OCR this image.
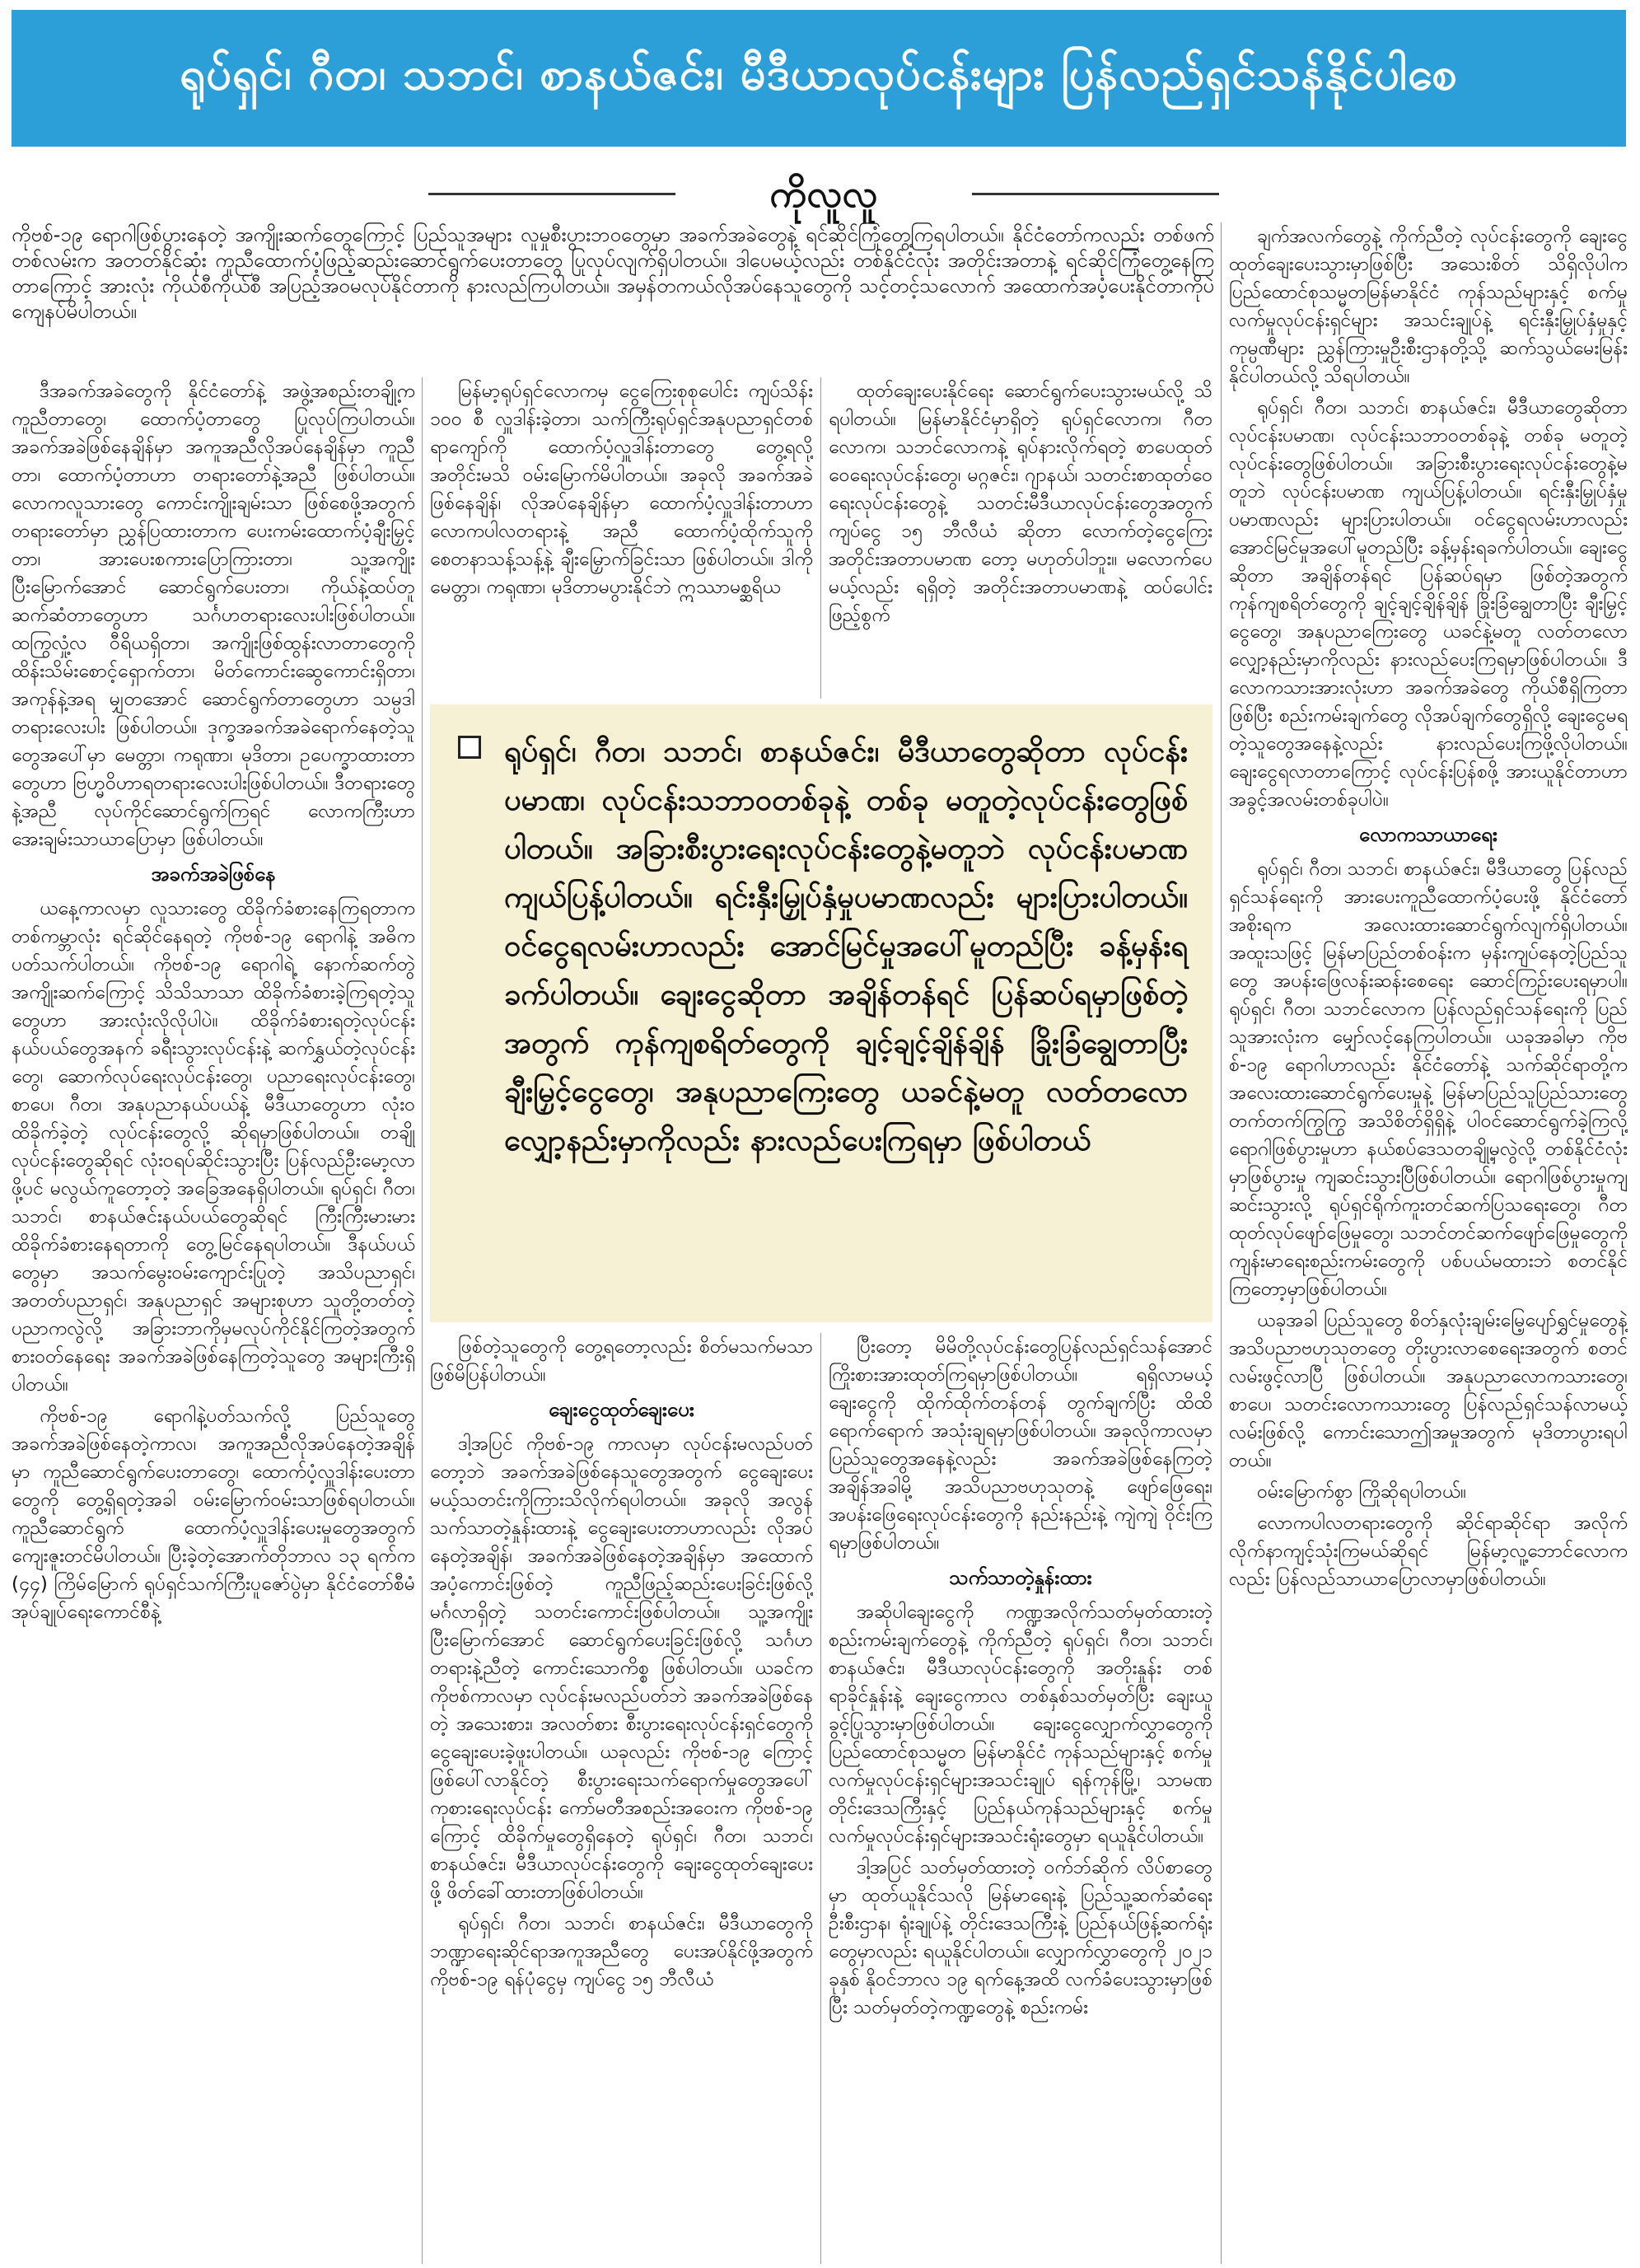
ရုပ်ရှင်၊ ဂီတ၊ သဘင်၊ စာနယ်ဇင်း၊ မီဒီယာလုပ်ငန်းများ ပြန်လည်ရှင်သန်နိုင်ပါစေ
ကိုလူလူ

ကိုဗစ်-၁၉ ရောဂါဖြစ်ပွားနေတဲ့ အကျိုးဆက်တွေကြောင့် ပြည်သူအများ လူမှုစီးပွားဘဝတွေမှာ အခက်အခဲတွေနဲ့ ရင်ဆိုင်ကြုံတွေ့ကြရပါတယ်။ နိုင်ငံတော်ကလည်း တစ်ဖက်တစ်လမ်းက အတတ်နိုင်ဆုံး ကူညီထောက်ပံ့ဖြည့်ဆည်းဆောင်ရွက်ပေးတာတွေ ပြုလုပ်လျက်ရှိပါတယ်။ ဒါပေမယ့်လည်း တစ်နိုင်ငံလုံး အတိုင်းအတာနဲ့ ရင်ဆိုင်ကြုံတွေ့နေကြတာကြောင့် အားလုံး ကိုယ်စီကိုယ်စီ အပြည့်အဝမလုပ်နိုင်တာကို နားလည်ကြပါတယ်။ အမှန်တကယ်လိုအပ်နေသူတွေကို သင့်တင့်သလောက် အထောက်အပံ့ပေးနိုင်တာကိုပဲ ကျေနပ်မိပါတယ်။

ဒီအခက်အခဲတွေကို နိုင်ငံတော်နဲ့ အဖွဲ့အစည်းတချို့က ကူညီတာတွေ၊ ထောက်ပံ့တာတွေ ပြုလုပ်ကြပါတယ်။ အခက်အခဲဖြစ်နေချိန်မှာ အကူအညီလိုအပ်နေချိန်မှာ ကူညီတာ၊ ထောက်ပံ့တာဟာ တရားတော်နဲ့အညီ ဖြစ်ပါတယ်။ လောကလူသားတွေ ကောင်းကျိုးချမ်းသာ ဖြစ်စေဖို့အတွက် တရားတော်မှာ ညွှန်ပြထားတာက ပေးကမ်းထောက်ပံ့ချီးမြှင့်တာ၊ အားပေးစကားပြောကြားတာ၊ သူ့အကျိုးပြီးမြောက်အောင် ဆောင်ရွက်ပေးတာ၊ ကိုယ်နဲ့ထပ်တူဆက်ဆံတာတွေဟာ သင်္ဂဟတရားလေးပါးဖြစ်ပါတယ်။ ထကြွလှုံ့လ ဝီရိယရှိတာ၊ အကျိုးဖြစ်ထွန်းလာတာတွေကို ထိန်းသိမ်းစောင့်ရှောက်တာ၊ မိတ်ကောင်းဆွေကောင်းရှိတာ၊ အကုန်နဲ့အရ မျှတအောင် ဆောင်ရွက်တာတွေဟာ သမ္ပဒါတရားလေးပါး ဖြစ်ပါတယ်။ ဒုက္ခအခက်အခဲရောက်နေတဲ့သူတွေအပေါ်မှာ မေတ္တာ၊ ကရုဏာ၊ မုဒိတာ၊ ဥပေက္ခာထားတာတွေဟာ ဗြဟ္မဝိဟာရတရားလေးပါးဖြစ်ပါတယ်။ ဒီတရားတွေနဲ့အညီ လုပ်ကိုင်ဆောင်ရွက်ကြရင် လောကကြီးဟာ အေးချမ်းသာယာပြောမှာ ဖြစ်ပါတယ်။

အခက်အခဲဖြစ်နေ

ယနေ့ကာလမှာ လူသားတွေ ထိခိုက်ခံစားနေကြရတာက တစ်ကမ္ဘာလုံး ရင်ဆိုင်နေရတဲ့ ကိုဗစ်-၁၉ ရောဂါနဲ့ အဓိကပတ်သက်ပါတယ်။ ကိုဗစ်-၁၉ ရောဂါရဲ့ နောက်ဆက်တွဲအကျိုးဆက်ကြောင့် သိသိသာသာ ထိခိုက်ခံစားခဲ့ကြရတဲ့သူတွေဟာ အားလုံးလိုလိုပါပဲ။ ထိခိုက်ခံစားရတဲ့လုပ်ငန်းနယ်ပယ်တွေအနက် ခရီးသွားလုပ်ငန်းနဲ့ ဆက်နွှယ်တဲ့လုပ်ငန်းတွေ၊ ဆောက်လုပ်ရေးလုပ်ငန်းတွေ၊ ပညာရေးလုပ်ငန်းတွေ၊ စာပေ၊ ဂီတ၊ အနုပညာနယ်ပယ်နဲ့ မီဒီယာတွေဟာ လုံးဝထိခိုက်ခဲ့တဲ့ လုပ်ငန်းတွေလို့ ဆိုရမှာဖြစ်ပါတယ်။ တချို့လုပ်ငန်းတွေဆိုရင် လုံးဝရပ်ဆိုင်းသွားပြီး ပြန်လည်ဦးမော့လာဖို့ပင် မလွယ်ကူတော့တဲ့ အခြေအနေရှိပါတယ်။ ရုပ်ရှင်၊ ဂီတ၊ သဘင်၊ စာနယ်ဇင်းနယ်ပယ်တွေဆိုရင် ကြီးကြီးမားမား ထိခိုက်ခံစားနေရတာကို တွေ့မြင်နေရပါတယ်။ ဒီနယ်ပယ်တွေမှာ အသက်မွေးဝမ်းကျောင်းပြုတဲ့ အသိပညာရှင်၊ အတတ်ပညာရှင်၊ အနုပညာရှင် အများစုဟာ သူတို့တတ်တဲ့ ပညာကလွဲလို့ အခြားဘာကိုမှမလုပ်ကိုင်နိုင်ကြတဲ့အတွက် စားဝတ်နေရေး အခက်အခဲဖြစ်နေကြတဲ့သူတွေ အများကြီးရှိပါတယ်။

ကိုဗစ်-၁၉ ရောဂါနဲ့ပတ်သက်လို့ ပြည်သူတွေ အခက်အခဲဖြစ်နေတဲ့ကာလ၊ အကူအညီလိုအပ်နေတဲ့အချိန်မှာ ကူညီဆောင်ရွက်ပေးတာတွေ၊ ထောက်ပံ့လှူဒါန်းပေးတာတွေကို တွေ့ရှိရတဲ့အခါ ဝမ်းမြောက်ဝမ်းသာဖြစ်ရပါတယ်။ ကူညီဆောင်ရွက် ထောက်ပံ့လှူဒါန်းပေးမှုတွေအတွက် ကျေးဇူးတင်မိပါတယ်။ ပြီးခဲ့တဲ့အောက်တိုဘာလ ၁၃ ရက်က (၄၄) ကြိမ်မြောက် ရုပ်ရှင်သက်ကြီးပူဇော်ပွဲမှာ နိုင်ငံတော်စီမံအုပ်ချုပ်ရေးကောင်စီနဲ့

မြန်မာ့ရုပ်ရှင်လောကမှ ငွေကြေးစုစုပေါင်း ကျပ်သိန်း ၁၀၀ စီ လှူဒါန်းခဲ့တာ၊ သက်ကြီးရုပ်ရှင်အနုပညာရှင်တစ်ရာကျော်ကို ထောက်ပံ့လှူဒါန်းတာတွေ တွေ့ရလို့ အတိုင်းမသိ ဝမ်းမြောက်မိပါတယ်။ အခုလို အခက်အခဲဖြစ်နေချိန်၊ လိုအပ်နေချိန်မှာ ထောက်ပံ့လှူဒါန်းတာဟာ လောကပါလတရားနဲ့ အညီ ထောက်ပံ့ထိုက်သူကို စေတနာသန့်သန့်နဲ့ ချီးမြှောက်ခြင်းသာ ဖြစ်ပါတယ်။ ဒါကို မေတ္တာ၊ ကရုဏာ၊ မုဒိတာမပွားနိုင်ဘဲ ဣဿာမစ္ဆရိယ

ထုတ်ချေးပေးနိုင်ရေး ဆောင်ရွက်ပေးသွားမယ်လို့ သိရပါတယ်။ မြန်မာနိုင်ငံမှာရှိတဲ့ ရုပ်ရှင်လောက၊ ဂီတလောက၊ သဘင်လောကနဲ့ ရုပ်နားလိုက်ရတဲ့ စာပေထုတ်ဝေရေးလုပ်ငန်းတွေ၊ မဂ္ဂဇင်း၊ ဂျာနယ်၊ သတင်းစာထုတ်ဝေရေးလုပ်ငန်းတွေနဲ့ သတင်းမီဒီယာလုပ်ငန်းတွေအတွက် ကျပ်ငွေ ၁၅ ဘီလီယံ ဆိုတာ လောက်တဲ့ငွေကြေးအတိုင်းအတာပမာဏ တော့ မဟုတ်ပါဘူး။ မလောက်ပေမယ့်လည်း ရရှိတဲ့ အတိုင်းအတာပမာဏနဲ့ ထပ်ပေါင်းဖြည့်စွက်

ရုပ်ရှင်၊ ဂီတ၊ သဘင်၊ စာနယ်ဇင်း၊ မီဒီယာတွေဆိုတာ လုပ်ငန်းပမာဏ၊ လုပ်ငန်းသဘာဝတစ်ခုနဲ့ တစ်ခု မတူတဲ့လုပ်ငန်းတွေဖြစ်ပါတယ်။ အခြားစီးပွားရေးလုပ်ငန်းတွေနဲ့မတူဘဲ လုပ်ငန်းပမာဏ ကျယ်ပြန့်ပါတယ်။ ရင်းနှီးမြှုပ်နှံမှုပမာဏလည်း များပြားပါတယ်။ ဝင်ငွေရလမ်းဟာလည်း အောင်မြင်မှုအပေါ်မူတည်ပြီး ခန့်မှန်းရခက်ပါတယ်။ ချေးငွေဆိုတာ အချိန်တန်ရင် ပြန်ဆပ်ရမှာဖြစ်တဲ့အတွက် ကုန်ကျစရိတ်တွေကို ချင့်ချင့်ချိန်ချိန် ခြိုးခြံချွေတာပြီး ချီးမြှင့်ငွေတွေ၊ အနုပညာကြေးတွေ ယခင်နဲ့မတူ လတ်တလောလျှော့နည်းမှာကိုလည်း နားလည်ပေးကြရမှာ ဖြစ်ပါတယ်

ဖြစ်တဲ့သူတွေကို တွေ့ရတော့လည်း စိတ်မသက်မသာ ဖြစ်မိပြန်ပါတယ်။

ချေးငွေထုတ်ချေးပေး

ဒါ့အပြင် ကိုဗစ်-၁၉ ကာလမှာ လုပ်ငန်းမလည်ပတ်တော့ဘဲ အခက်အခဲဖြစ်နေသူတွေအတွက် ငွေချေးပေးမယ့်သတင်းကိုကြားသိလိုက်ရပါတယ်။ အခုလို အလွန်သက်သာတဲ့နှုန်းထားနဲ့ ငွေချေးပေးတာဟာလည်း လိုအပ်နေတဲ့အချိန်၊ အခက်အခဲဖြစ်နေတဲ့အချိန်မှာ အထောက်အပံ့ကောင်းဖြစ်တဲ့ ကူညီဖြည့်ဆည်းပေးခြင်းဖြစ်လို့ မင်္ဂလာရှိတဲ့ သတင်းကောင်းဖြစ်ပါတယ်။ သူ့အကျိုးပြီးမြောက်အောင် ဆောင်ရွက်ပေးခြင်းဖြစ်လို့ သင်္ဂဟတရားနဲ့ညီတဲ့ ကောင်းသောကိစ္စ ဖြစ်ပါတယ်။ ယခင်က ကိုဗစ်ကာလမှာ လုပ်ငန်းမလည်ပတ်ဘဲ အခက်အခဲဖြစ်နေတဲ့ အသေးစား၊ အလတ်စား စီးပွားရေးလုပ်ငန်းရှင်တွေကို ငွေချေးပေးခဲ့ဖူးပါတယ်။ ယခုလည်း ကိုဗစ်-၁၉ ကြောင့် ဖြစ်ပေါ်လာနိုင်တဲ့ စီးပွားရေးသက်ရောက်မှုတွေအပေါ် ကုစားရေးလုပ်ငန်း ကော်မတီအစည်းအဝေးက ကိုဗစ်-၁၉ ကြောင့် ထိခိုက်မှုတွေရှိနေတဲ့ ရုပ်ရှင်၊ ဂီတ၊ သဘင်၊ စာနယ်ဇင်း၊ မီဒီယာလုပ်ငန်းတွေကို ချေးငွေထုတ်ချေးပေးဖို့ ဖိတ်ခေါ်ထားတာဖြစ်ပါတယ်။

ရုပ်ရှင်၊ ဂီတ၊ သဘင်၊ စာနယ်ဇင်း၊ မီဒီယာတွေကိုဘဏ္ဍာရေးဆိုင်ရာအကူအညီတွေ ပေးအပ်နိုင်ဖို့အတွက် ကိုဗစ်-၁၉ ရန်ပုံငွေမှ ကျပ်ငွေ ၁၅ ဘီလီယံ

ပြီးတော့ မိမိတို့လုပ်ငန်းတွေပြန်လည်ရှင်သန်အောင် ကြိုးစားအားထုတ်ကြရမှာဖြစ်ပါတယ်။ ရရှိလာမယ့် ချေးငွေကို ထိုက်ထိုက်တန်တန် တွက်ချက်ပြီး ထိထိရောက်ရောက် အသုံးချရမှာဖြစ်ပါတယ်။ အခုလိုကာလမှာ ပြည်သူတွေအနေနဲ့လည်း အခက်အခဲဖြစ်နေကြတဲ့အချိန်အခါမို့ အသိပညာဗဟုသုတနဲ့ ဖျော်ဖြေရေး၊ အပန်းဖြေရေးလုပ်ငန်းတွေကို နည်းနည်းနဲ့ ကျဲကျဲ ဝိုင်းကြရမှာဖြစ်ပါတယ်။

သက်သာတဲ့နှုန်းထား

အဆိုပါချေးငွေကို ကဏ္ဍအလိုက်သတ်မှတ်ထားတဲ့စည်းကမ်းချက်တွေနဲ့ ကိုက်ညီတဲ့ ရုပ်ရှင်၊ ဂီတ၊ သဘင်၊ စာနယ်ဇင်း၊ မီဒီယာလုပ်ငန်းတွေကို အတိုးနှုန်း တစ်ရာခိုင်နှုန်းနဲ့ ချေးငွေကာလ တစ်နှစ်သတ်မှတ်ပြီး ချေးယူခွင့်ပြုသွားမှာဖြစ်ပါတယ်။ ချေးငွေလျှောက်လွှာတွေကို ပြည်ထောင်စုသမ္မတ မြန်မာနိုင်ငံ ကုန်သည်များနှင့် စက်မှုလက်မှုလုပ်ငန်းရှင်များအသင်းချုပ် ရန်ကုန်မြို့၊ သာမဏ တိုင်းဒေသကြီးနှင့် ပြည်နယ်ကုန်သည်များနှင့် စက်မှုလက်မှုလုပ်ငန်းရှင်များအသင်းရုံးတွေမှာ ရယူနိုင်ပါတယ်။

ဒါ့အပြင် သတ်မှတ်ထားတဲ့ ဝက်ဘ်ဆိုက် လိပ်စာတွေမှာ ထုတ်ယူနိုင်သလို မြန်မာရေးနဲ့ ပြည်သူ့ဆက်ဆံရေးဦးစီးဌာန၊ ရုံးချုပ်နဲ့ တိုင်းဒေသကြီးနဲ့ ပြည်နယ်ဖြန့်ဆက်ရုံးတွေမှာလည်း ရယူနိုင်ပါတယ်။ လျှောက်လွှာတွေကို ၂၀၂၁ ခုနှစ် နိုဝင်ဘာလ ၁၉ ရက်နေ့အထိ လက်ခံပေးသွားမှာဖြစ်ပြီး သတ်မှတ်တဲ့ကဏ္ဍတွေနဲ့ စည်းကမ်း

ချက်အလက်တွေနဲ့ ကိုက်ညီတဲ့ လုပ်ငန်းတွေကို ချေးငွေထုတ်ချေးပေးသွားမှာဖြစ်ပြီး အသေးစိတ် သိရှိလိုပါက ပြည်ထောင်စုသမ္မတမြန်မာနိုင်ငံ ကုန်သည်များနှင့် စက်မှုလက်မှုလုပ်ငန်းရှင်များ အသင်းချုပ်နဲ့ ရင်းနှီးမြှုပ်နှံမှုနှင့် ကုမ္ပဏီများ ညွှန်ကြားမှုဦးစီးဌာနတို့သို့ ဆက်သွယ်မေးမြန်းနိုင်ပါတယ်လို့ သိရပါတယ်။

ရုပ်ရှင်၊ ဂီတ၊ သဘင်၊ စာနယ်ဇင်း၊ မီဒီယာတွေဆိုတာ လုပ်ငန်းပမာဏ၊ လုပ်ငန်းသဘာဝတစ်ခုနဲ့ တစ်ခု မတူတဲ့လုပ်ငန်းတွေဖြစ်ပါတယ်။ အခြားစီးပွားရေးလုပ်ငန်းတွေနဲ့မတူဘဲ လုပ်ငန်းပမာဏ ကျယ်ပြန့်ပါတယ်။ ရင်းနှီးမြှုပ်နှံမှုပမာဏလည်း များပြားပါတယ်။ ဝင်ငွေရလမ်းဟာလည်း အောင်မြင်မှုအပေါ်မူတည်ပြီး ခန့်မှန်းရခက်ပါတယ်။ ချေးငွေဆိုတာ အချိန်တန်ရင် ပြန်ဆပ်ရမှာ ဖြစ်တဲ့အတွက် ကုန်ကျစရိတ်တွေကို ချင့်ချင့်ချိန်ချိန် ခြိုးခြံချွေတာပြီး ချီးမြှင့်ငွေတွေ၊ အနုပညာကြေးတွေ ယခင်နဲ့မတူ လတ်တလောလျှော့နည်းမှာကိုလည်း နားလည်ပေးကြရမှာဖြစ်ပါတယ်။ ဒီလောကသားအားလုံးဟာ အခက်အခဲတွေ ကိုယ်စီရှိကြတာဖြစ်ပြီး စည်းကမ်းချက်တွေ လိုအပ်ချက်တွေရှိလို့ ချေးငွေမရတဲ့သူတွေအနေနဲ့လည်း နားလည်ပေးကြဖို့လိုပါတယ်။ ချေးငွေရလာတာကြောင့် လုပ်ငန်းပြန်စဖို့ အားယူနိုင်တာဟာ အခွင့်အလမ်းတစ်ခုပါပဲ။

လောကသာယာရေး

ရုပ်ရှင်၊ ဂီတ၊ သဘင်၊ စာနယ်ဇင်း၊ မီဒီယာတွေ ပြန်လည်ရှင်သန်ရေးကို အားပေးကူညီထောက်ပံ့ပေးဖို့ နိုင်ငံတော်အစိုးရက အလေးထားဆောင်ရွက်လျက်ရှိပါတယ်။ အထူးသဖြင့် မြန်မာပြည်တစ်ဝန်းက မှန်းကျပ်နေတဲ့ပြည်သူတွေ အပန်းဖြေလန်းဆန်းစေရေး ဆောင်ကြဉ်းပေးရမှာပါ။ ရုပ်ရှင်၊ ဂီတ၊ သဘင်လောက ပြန်လည်ရှင်သန်ရေးကို ပြည်သူအားလုံးက မျှော်လင့်နေကြပါတယ်။ ယခုအခါမှာ ကိုဗစ်-၁၉ ရောဂါဟာလည်း နိုင်ငံတော်နဲ့ သက်ဆိုင်ရာတို့က အလေးထားဆောင်ရွက်ပေးမှုနဲ့ မြန်မာပြည်သူပြည်သားတွေ တက်တက်ကြွကြွ အသိစိတ်ရှိရှိနဲ့ ပါဝင်ဆောင်ရွက်ခဲ့ကြလို့ ရောဂါဖြစ်ပွားမှုဟာ နယ်စပ်ဒေသတချို့မှလွဲလို့ တစ်နိုင်ငံလုံးမှာဖြစ်ပွားမှု ကျဆင်းသွားပြီဖြစ်ပါတယ်။ ရောဂါဖြစ်ပွားမှုကျဆင်းသွားလို့ ရုပ်ရှင်ရိုက်ကူးတင်ဆက်ပြသရေးတွေ၊ ဂီတထုတ်လုပ်ဖျော်ဖြေမှုတွေ၊ သဘင်တင်ဆက်ဖျော်ဖြေမှုတွေကို ကျန်းမာရေးစည်းကမ်းတွေကို ပစ်ပယ်မထားဘဲ စတင်နိုင်ကြတော့မှာဖြစ်ပါတယ်။

ယခုအခါ ပြည်သူတွေ စိတ်နှလုံးချမ်းမြေ့ပျော်ရွှင်မှုတွေနဲ့ အသိပညာဗဟုသုတတွေ တိုးပွားလာစေရေးအတွက် စတင်လမ်းဖွင့်လာပြီ ဖြစ်ပါတယ်။ အနုပညာလောကသားတွေ၊ စာပေ၊ သတင်းလောကသားတွေ ပြန်လည်ရှင်သန်လာမယ့်လမ်းဖြစ်လို့ ကောင်းသောဤအမှုအတွက် မုဒိတာပွားရပါတယ်။

ဝမ်းမြောက်စွာ ကြိုဆိုရပါတယ်။

လောကပါလတရားတွေကို ဆိုင်ရာဆိုင်ရာ အလိုက် လိုက်နာကျင့်သုံးကြမယ်ဆိုရင် မြန်မာ့လူ့ဘောင်လောကလည်း ပြန်လည်သာယာပြောလာမှာဖြစ်ပါတယ်။
